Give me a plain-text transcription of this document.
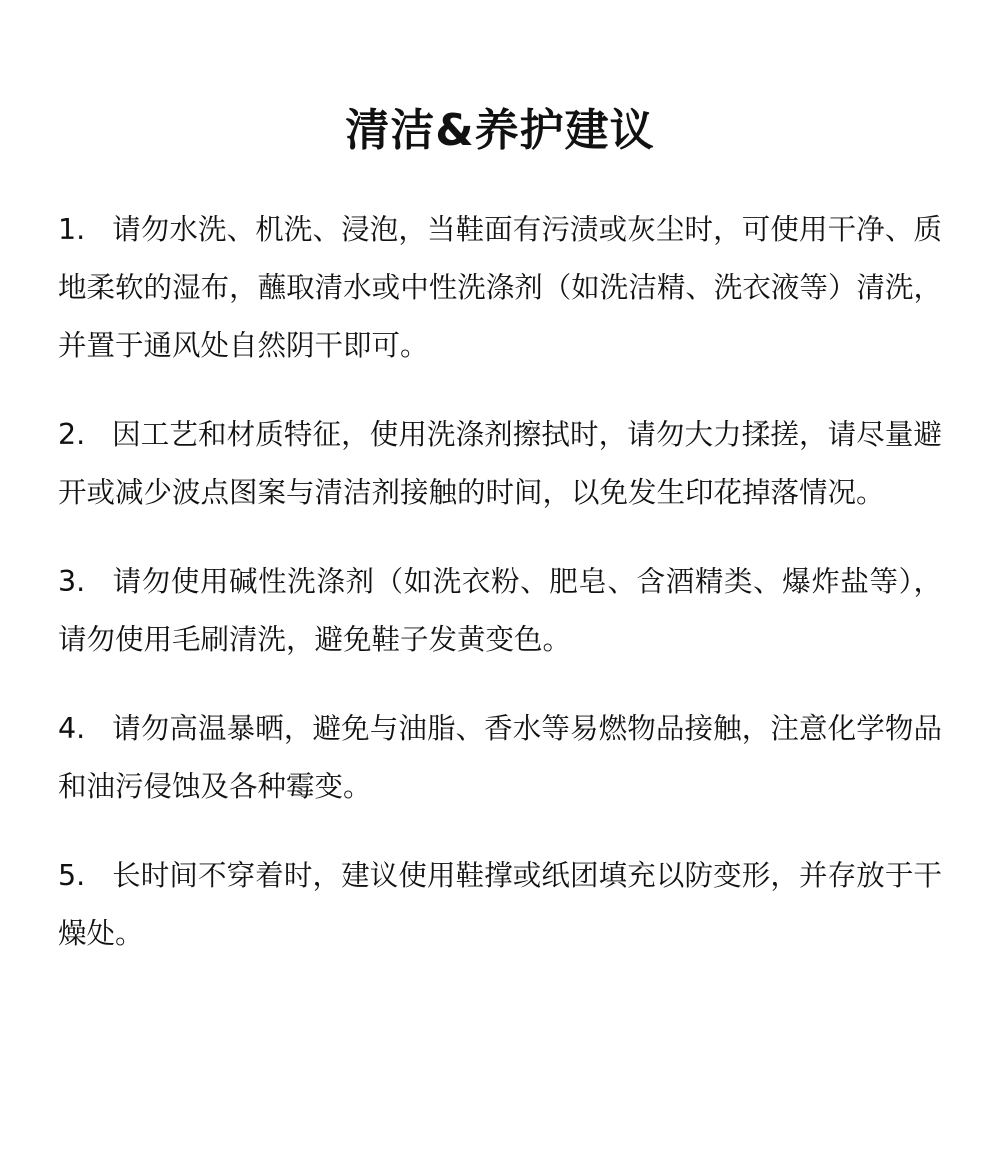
清洁&养护建议
1. 请勿水洗、机洗、浸泡，当鞋面有污渍或灰尘时，可使用干净、质地柔软的湿布，蘸取清水或中性洗涤剂（如洗洁精、洗衣液等）清洗，并置于通风处自然阴干即可。
2. 因工艺和材质特征，使用洗涤剂擦拭时，请勿大力揉搓，请尽量避开或减少波点图案与清洁剂接触的时间，以免发生印花掉落情况。
3. 请勿使用碱性洗涤剂（如洗衣粉、肥皂、含酒精类、爆炸盐等），请勿使用毛刷清洗，避免鞋子发黄变色。
4. 请勿高温暴晒，避免与油脂、香水等易燃物品接触，注意化学物品和油污侵蚀及各种霉变。
5. 长时间不穿着时，建议使用鞋撑或纸团填充以防变形，并存放于干燥处。
